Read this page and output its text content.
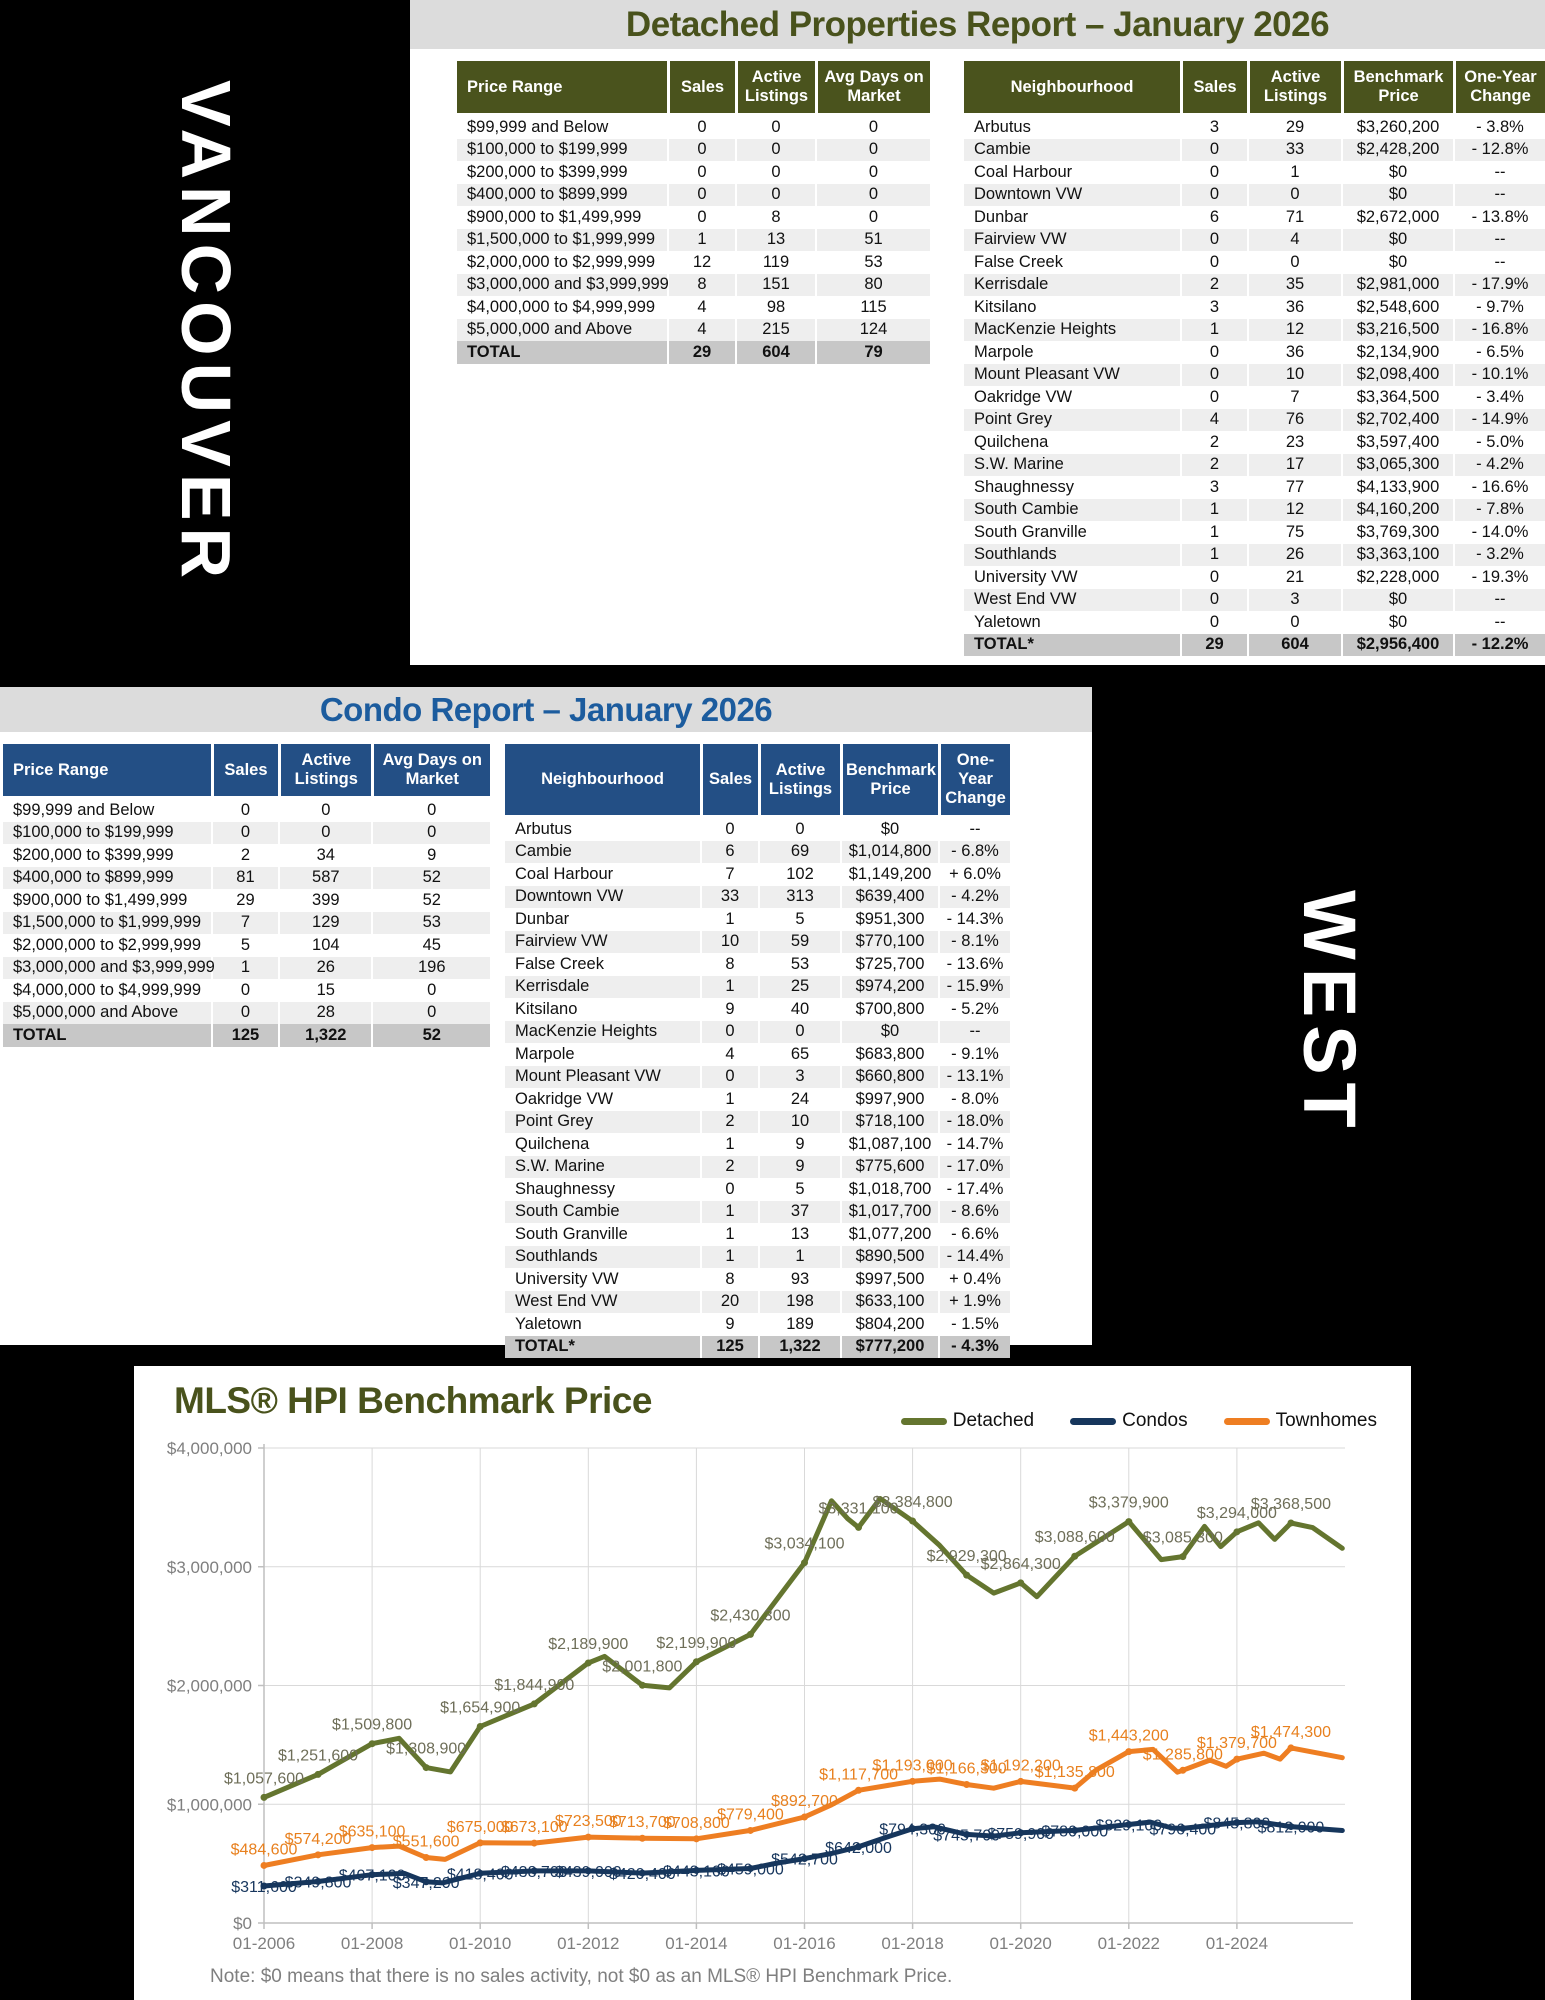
VANCOUVER
WEST
Detached Properties Report – January 2026
Price Range	Sales	Active Listings	Avg Days on Market
$99,999 and Below	0	0	0
$100,000 to $199,999	0	0	0
$200,000 to $399,999	0	0	0
$400,000 to $899,999	0	0	0
$900,000 to $1,499,999	0	8	0
$1,500,000 to $1,999,999	1	13	51
$2,000,000 to $2,999,999	12	119	53
$3,000,000 and $3,999,999	8	151	80
$4,000,000 to $4,999,999	4	98	115
$5,000,000 and Above	4	215	124
TOTAL	29	604	79
Neighbourhood	Sales	Active Listings	Benchmark Price	One-Year Change
Arbutus	3	29	$3,260,200	- 3.8%
Cambie	0	33	$2,428,200	- 12.8%
Coal Harbour	0	1	$0	--
Downtown VW	0	0	$0	--
Dunbar	6	71	$2,672,000	- 13.8%
Fairview VW	0	4	$0	--
False Creek	0	0	$0	--
Kerrisdale	2	35	$2,981,000	- 17.9%
Kitsilano	3	36	$2,548,600	- 9.7%
MacKenzie Heights	1	12	$3,216,500	- 16.8%
Marpole	0	36	$2,134,900	- 6.5%
Mount Pleasant VW	0	10	$2,098,400	- 10.1%
Oakridge VW	0	7	$3,364,500	- 3.4%
Point Grey	4	76	$2,702,400	- 14.9%
Quilchena	2	23	$3,597,400	- 5.0%
S.W. Marine	2	17	$3,065,300	- 4.2%
Shaughnessy	3	77	$4,133,900	- 16.6%
South Cambie	1	12	$4,160,200	- 7.8%
South Granville	1	75	$3,769,300	- 14.0%
Southlands	1	26	$3,363,100	- 3.2%
University VW	0	21	$2,228,000	- 19.3%
West End VW	0	3	$0	--
Yaletown	0	0	$0	--
TOTAL*	29	604	$2,956,400	- 12.2%
Condo Report – January 2026
Price Range	Sales	Active Listings	Avg Days on Market
$99,999 and Below	0	0	0
$100,000 to $199,999	0	0	0
$200,000 to $399,999	2	34	9
$400,000 to $899,999	81	587	52
$900,000 to $1,499,999	29	399	52
$1,500,000 to $1,999,999	7	129	53
$2,000,000 to $2,999,999	5	104	45
$3,000,000 and $3,999,999	1	26	196
$4,000,000 to $4,999,999	0	15	0
$5,000,000 and Above	0	28	0
TOTAL	125	1,322	52
Neighbourhood	Sales	Active Listings	Benchmark Price	One-Year Change
Arbutus	0	0	$0	--
Cambie	6	69	$1,014,800	- 6.8%
Coal Harbour	7	102	$1,149,200	+ 6.0%
Downtown VW	33	313	$639,400	- 4.2%
Dunbar	1	5	$951,300	- 14.3%
Fairview VW	10	59	$770,100	- 8.1%
False Creek	8	53	$725,700	- 13.6%
Kerrisdale	1	25	$974,200	- 15.9%
Kitsilano	9	40	$700,800	- 5.2%
MacKenzie Heights	0	0	$0	--
Marpole	4	65	$683,800	- 9.1%
Mount Pleasant VW	0	3	$660,800	- 13.1%
Oakridge VW	1	24	$997,900	- 8.0%
Point Grey	2	10	$718,100	- 18.0%
Quilchena	1	9	$1,087,100	- 14.7%
S.W. Marine	2	9	$775,600	- 17.0%
Shaughnessy	0	5	$1,018,700	- 17.4%
South Cambie	1	37	$1,017,700	- 8.6%
South Granville	1	13	$1,077,200	- 6.6%
Southlands	1	1	$890,500	- 14.4%
University VW	8	93	$997,500	+ 0.4%
West End VW	20	198	$633,100	+ 1.9%
Yaletown	9	189	$804,200	- 1.5%
TOTAL*	125	1,322	$777,200	- 4.3%
MLS® HPI Benchmark Price	Detached	Condos	Townhomes
$0
$1,000,000
$2,000,000
$3,000,000
$4,000,000
01-2006	01-2008	01-2010	01-2012	01-2014	01-2016	01-2018	01-2020	01-2022	01-2024
$1,057,600
$1,251,600
$1,509,800
$1,308,900
$1,654,900
$1,844,900
$2,189,900
$2,001,800
$2,199,900
$2,430,300
$3,034,100
$3,331,100
$3,384,800
$2,929,300
$2,864,300
$3,088,600
$3,379,900
$3,085,300
$3,294,000
$3,368,500
$311,600
$349,800
$407,100
$347,200
$418,400
$438,700
$439,000
$420,400
$443,100
$459,000
$542,700
$642,000
$794,300
$745,700
$759,900
$780,000
$829,100
$796,400
$845,800
$812,000
$484,600
$574,200
$635,100
$551,600
$675,000
$673,100
$723,500
$713,700
$708,800
$779,400
$892,700
$1,117,700
$1,193,000
$1,166,300
$1,192,200
$1,135,800
$1,443,200
$1,285,800
$1,379,700
$1,474,300
Note: $0 means that there is no sales activity, not $0 as an MLS® HPI Benchmark Price.
